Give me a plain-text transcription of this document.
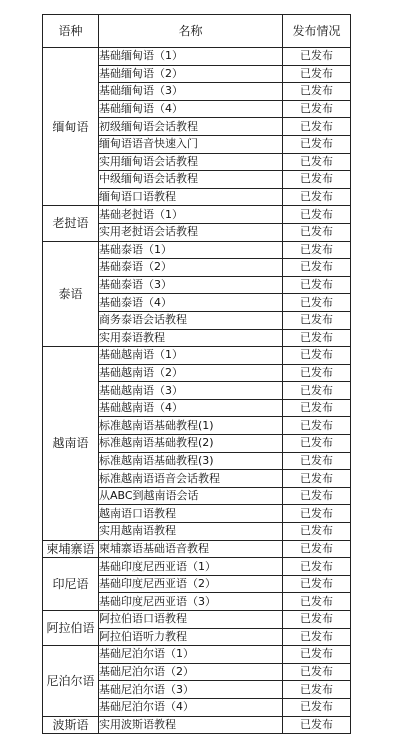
语种	名称	发布情况
缅甸语	基础缅甸语（1）	已发布
	基础缅甸语（2）	已发布
	基础缅甸语（3）	已发布
	基础缅甸语（4）	已发布
	初级缅甸语会话教程	已发布
	缅甸语语音快速入门	已发布
	实用缅甸语会话教程	已发布
	中级缅甸语会话教程	已发布
	缅甸语口语教程	已发布
老挝语	基础老挝语（1）	已发布
	实用老挝语会话教程	已发布
泰语	基础泰语（1）	已发布
	基础泰语（2）	已发布
	基础泰语（3）	已发布
	基础泰语（4）	已发布
	商务泰语会话教程	已发布
	实用泰语教程	已发布
越南语	基础越南语（1）	已发布
	基础越南语（2）	已发布
	基础越南语（3）	已发布
	基础越南语（4）	已发布
	标准越南语基础教程(1)	已发布
	标准越南语基础教程(2)	已发布
	标准越南语基础教程(3)	已发布
	标准越南语语音会话教程	已发布
	从ABC到越南语会话	已发布
	越南语口语教程	已发布
	实用越南语教程	已发布
柬埔寨语	柬埔寨语基础语音教程	已发布
印尼语	基础印度尼西亚语（1）	已发布
	基础印度尼西亚语（2）	已发布
	基础印度尼西亚语（3）	已发布
阿拉伯语	阿拉伯语口语教程	已发布
	阿拉伯语听力教程	已发布
尼泊尔语	基础尼泊尔语（1）	已发布
	基础尼泊尔语（2）	已发布
	基础尼泊尔语（3）	已发布
	基础尼泊尔语（4）	已发布
波斯语	实用波斯语教程	已发布
